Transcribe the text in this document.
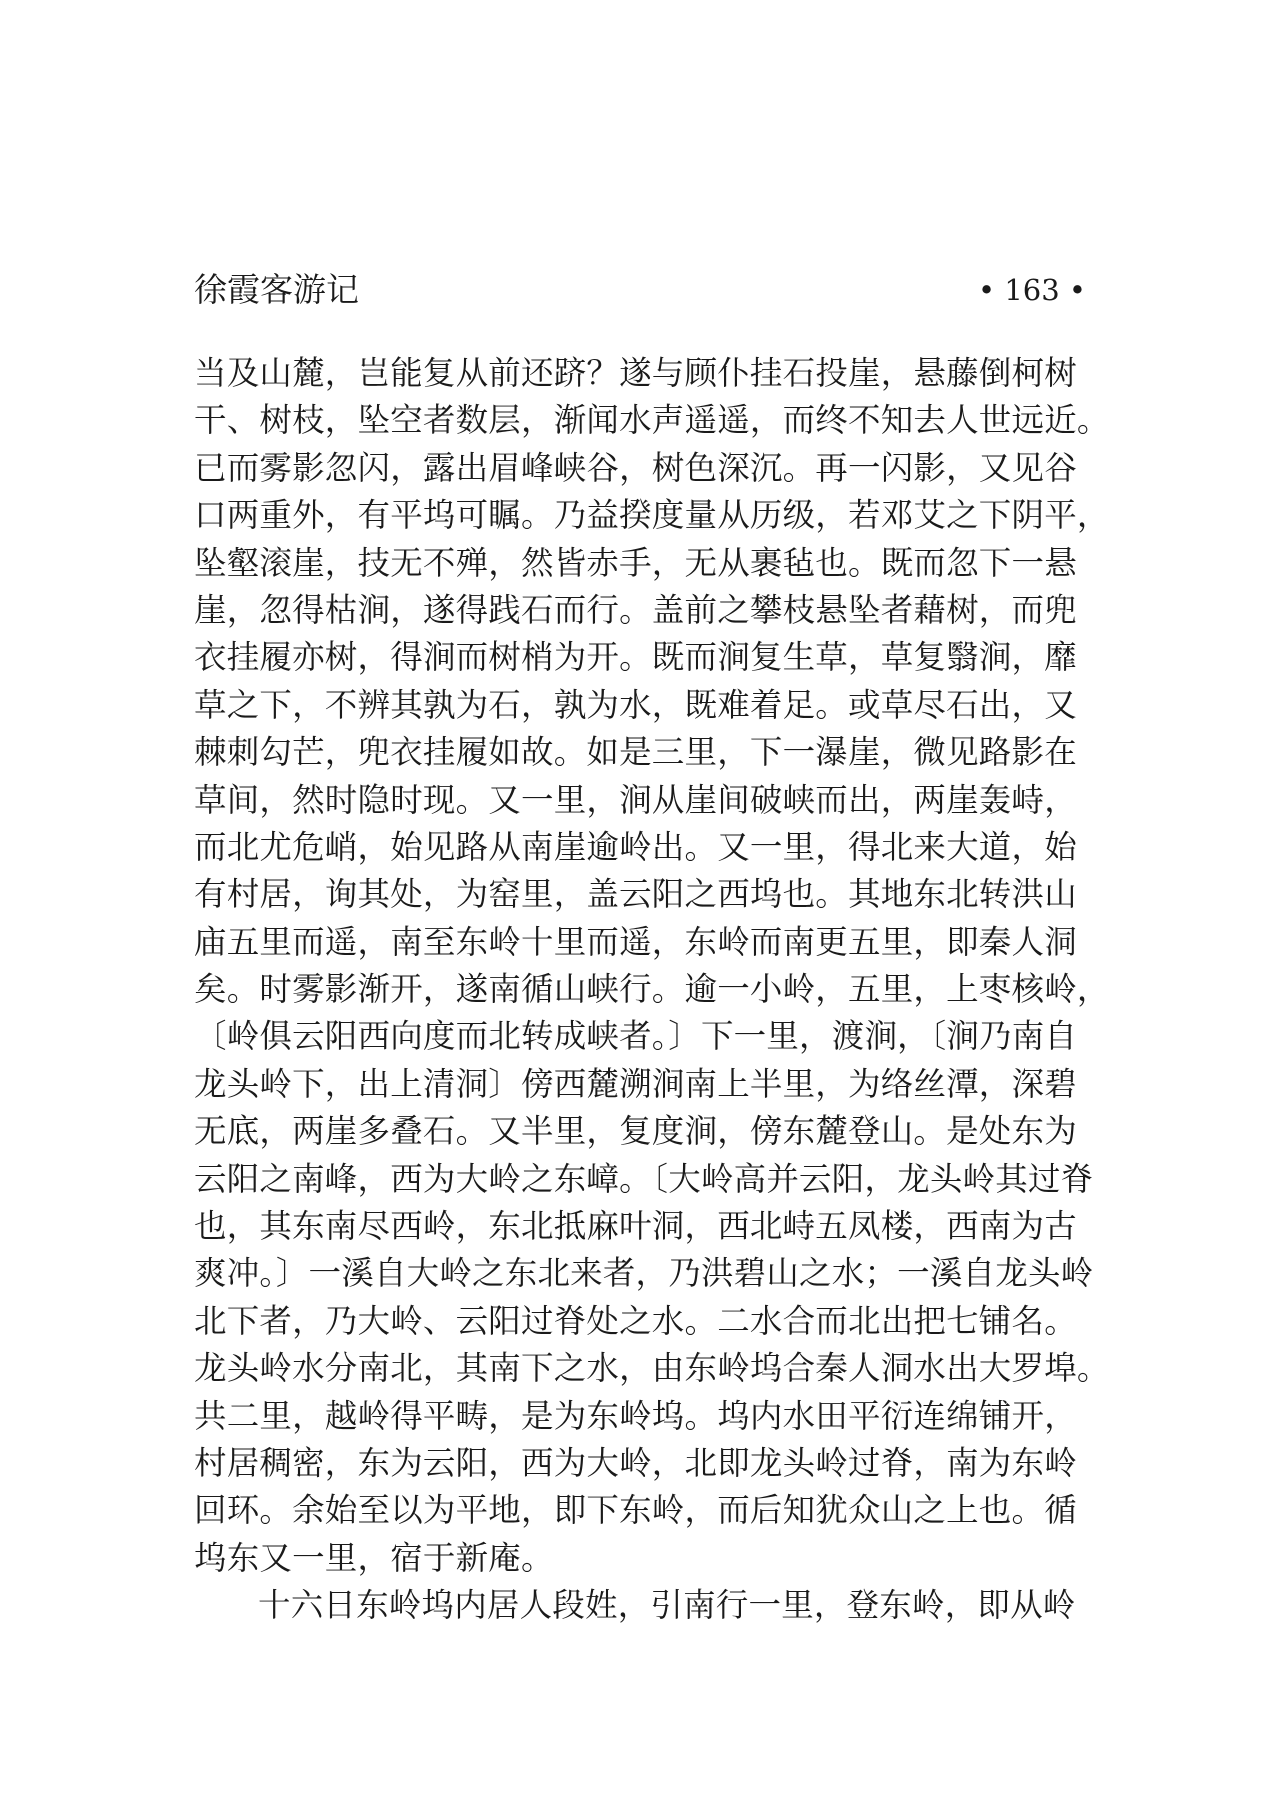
徐霞客游记	• 163 •
当及山麓，岂能复从前还跻？遂与顾仆挂石投崖，悬藤倒柯树
干、树枝，坠空者数层，渐闻水声遥遥，而终不知去人世远近。
已而雾影忽闪，露出眉峰峡谷，树色深沉。再一闪影，又见谷
口两重外，有平坞可瞩。乃益揆度量从历级，若邓艾之下阴平，
坠壑滚崖，技无不殚，然皆赤手，无从裹毡也。既而忽下一悬
崖，忽得枯涧，遂得践石而行。盖前之攀枝悬坠者藉树，而兜
衣挂履亦树，得涧而树梢为开。既而涧复生草，草复翳涧，靡
草之下，不辨其孰为石，孰为水，既难着足。或草尽石出，又
棘刺勾芒，兜衣挂履如故。如是三里，下一瀑崖，微见路影在
草间，然时隐时现。又一里，涧从崖间破峡而出，两崖轰峙，
而北尤危峭，始见路从南崖逾岭出。又一里，得北来大道，始
有村居，询其处，为窑里，盖云阳之西坞也。其地东北转洪山
庙五里而遥，南至东岭十里而遥，东岭而南更五里，即秦人洞
矣。时雾影渐开，遂南循山峡行。逾一小岭，五里，上枣核岭，
〔岭俱云阳西向度而北转成峡者。〕下一里，渡涧，〔涧乃南自
龙头岭下，出上清洞〕傍西麓溯涧南上半里，为络丝潭，深碧
无底，两崖多叠石。又半里，复度涧，傍东麓登山。是处东为
云阳之南峰，西为大岭之东嶂。〔大岭高并云阳，龙头岭其过脊
也，其东南尽西岭，东北抵麻叶洞，西北峙五凤楼，西南为古
爽冲。〕一溪自大岭之东北来者，乃洪碧山之水；一溪自龙头岭
北下者，乃大岭、云阳过脊处之水。二水合而北出把七铺名。
龙头岭水分南北，其南下之水，由东岭坞合秦人洞水出大罗埠。
共二里，越岭得平畴，是为东岭坞。坞内水田平衍连绵铺开，
村居稠密，东为云阳，西为大岭，北即龙头岭过脊，南为东岭
回环。余始至以为平地，即下东岭，而后知犹众山之上也。循
坞东又一里，宿于新庵。
十六日东岭坞内居人段姓，引南行一里，登东岭，即从岭
